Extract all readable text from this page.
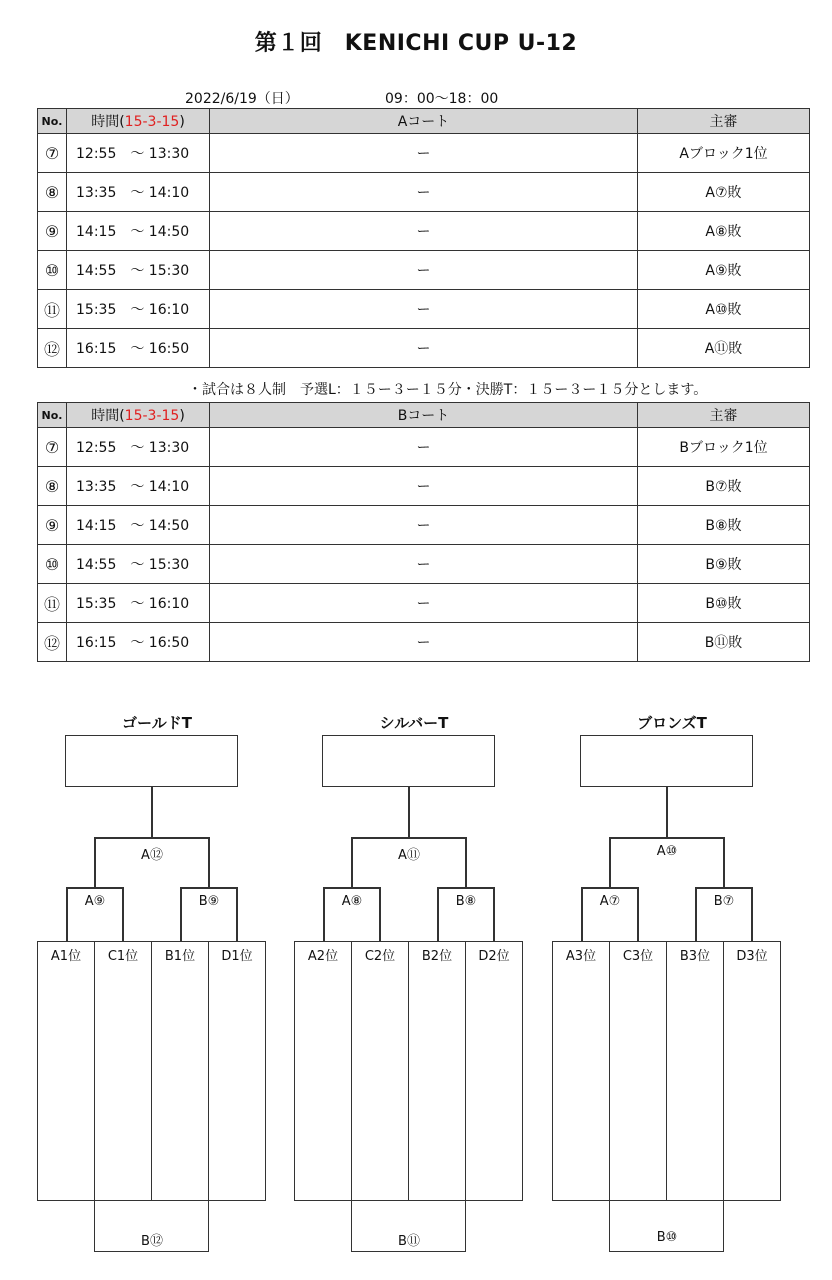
第１回　KENICHI CUP U-12
2022/6/19（日）	09：00～18：00
No.	時間(15-3-15)	Aコート	主審
⑦	12:55　～ 13:30	ー	Aブロック1位
⑧	13:35　～ 14:10	ー	A⑦敗
⑨	14:15　～ 14:50	ー	A⑧敗
⑩	14:55　～ 15:30	ー	A⑨敗
⑪	15:35　～ 16:10	ー	A⑩敗
⑫	16:15　～ 16:50	ー	A⑪敗
・試合は８人制　予選L：１５ー３ー１５分・決勝T：１５ー３ー１５分とします。
No.	時間(15-3-15)	Bコート	主審
⑦	12:55　～ 13:30	ー	Bブロック1位
⑧	13:35　～ 14:10	ー	B⑦敗
⑨	14:15　～ 14:50	ー	B⑧敗
⑩	14:55　～ 15:30	ー	B⑨敗
⑪	15:35　～ 16:10	ー	B⑩敗
⑫	16:15　～ 16:50	ー	B⑪敗
ゴールドT
A⑫
A⑨	B⑨
A1位	C1位	B1位	D1位
B⑫
シルバーT
A⑪
A⑧	B⑧
A2位	C2位	B2位	D2位
B⑪
ブロンズT
A⑩
A⑦	B⑦
A3位	C3位	B3位	D3位
B⑩
